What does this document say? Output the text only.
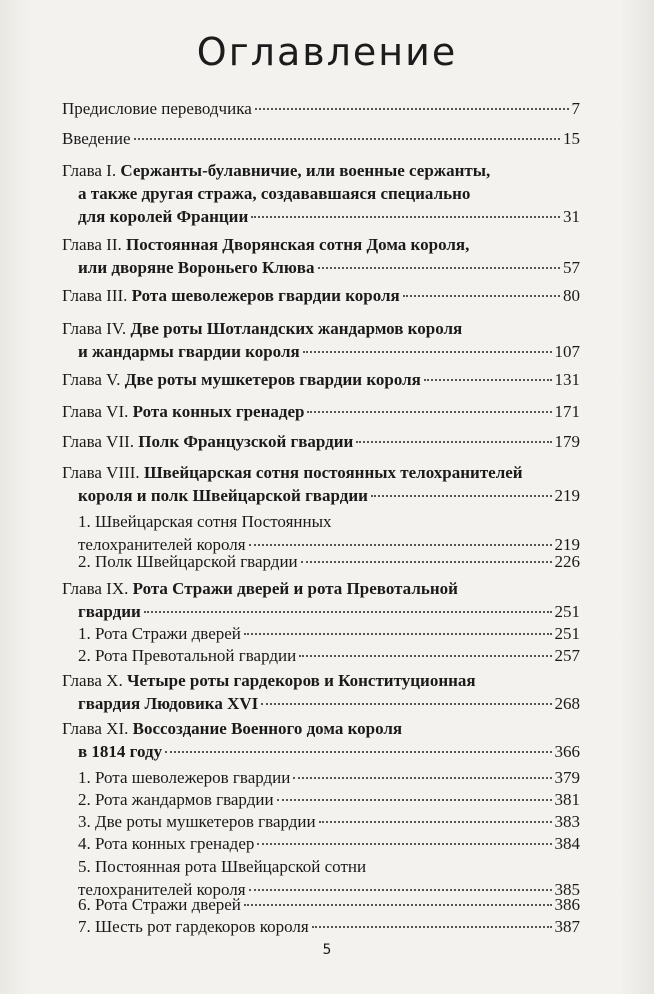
Оглавление
Предисловие переводчика	7
Введение	15
Глава I. Сержанты-булавничие, или военные сержанты,
а также другая стража, создававшаяся специально
для королей Франции	31
Глава II. Постоянная Дворянская сотня Дома короля,
или дворяне Вороньего Клюва	57
Глава III. Рота шеволежеров гвардии короля	80
Глава IV. Две роты Шотландских жандармов короля
и жандармы гвардии короля	107
Глава V. Две роты мушкетеров гвардии короля	131
Глава VI. Рота конных гренадер	171
Глава VII. Полк Французской гвардии	179
Глава VIII. Швейцарская сотня постоянных телохранителей
короля и полк Швейцарской гвардии	219
1. Швейцарская сотня Постоянных
телохранителей короля	219
2. Полк Швейцарской гвардии	226
Глава IX. Рота Стражи дверей и рота Превотальной
гвардии	251
1. Рота Стражи дверей	251
2. Рота Превотальной гвардии	257
Глава X. Четыре роты гардекоров и Конституционная
гвардия Людовика XVI	268
Глава XI. Воссоздание Военного дома короля
в 1814 году	366
1. Рота шеволежеров гвардии	379
2. Рота жандармов гвардии	381
3. Две роты мушкетеров гвардии	383
4. Рота конных гренадер	384
5. Постоянная рота Швейцарской сотни
телохранителей короля	385
6. Рота Стражи дверей	386
7. Шесть рот гардекоров короля	387
5
